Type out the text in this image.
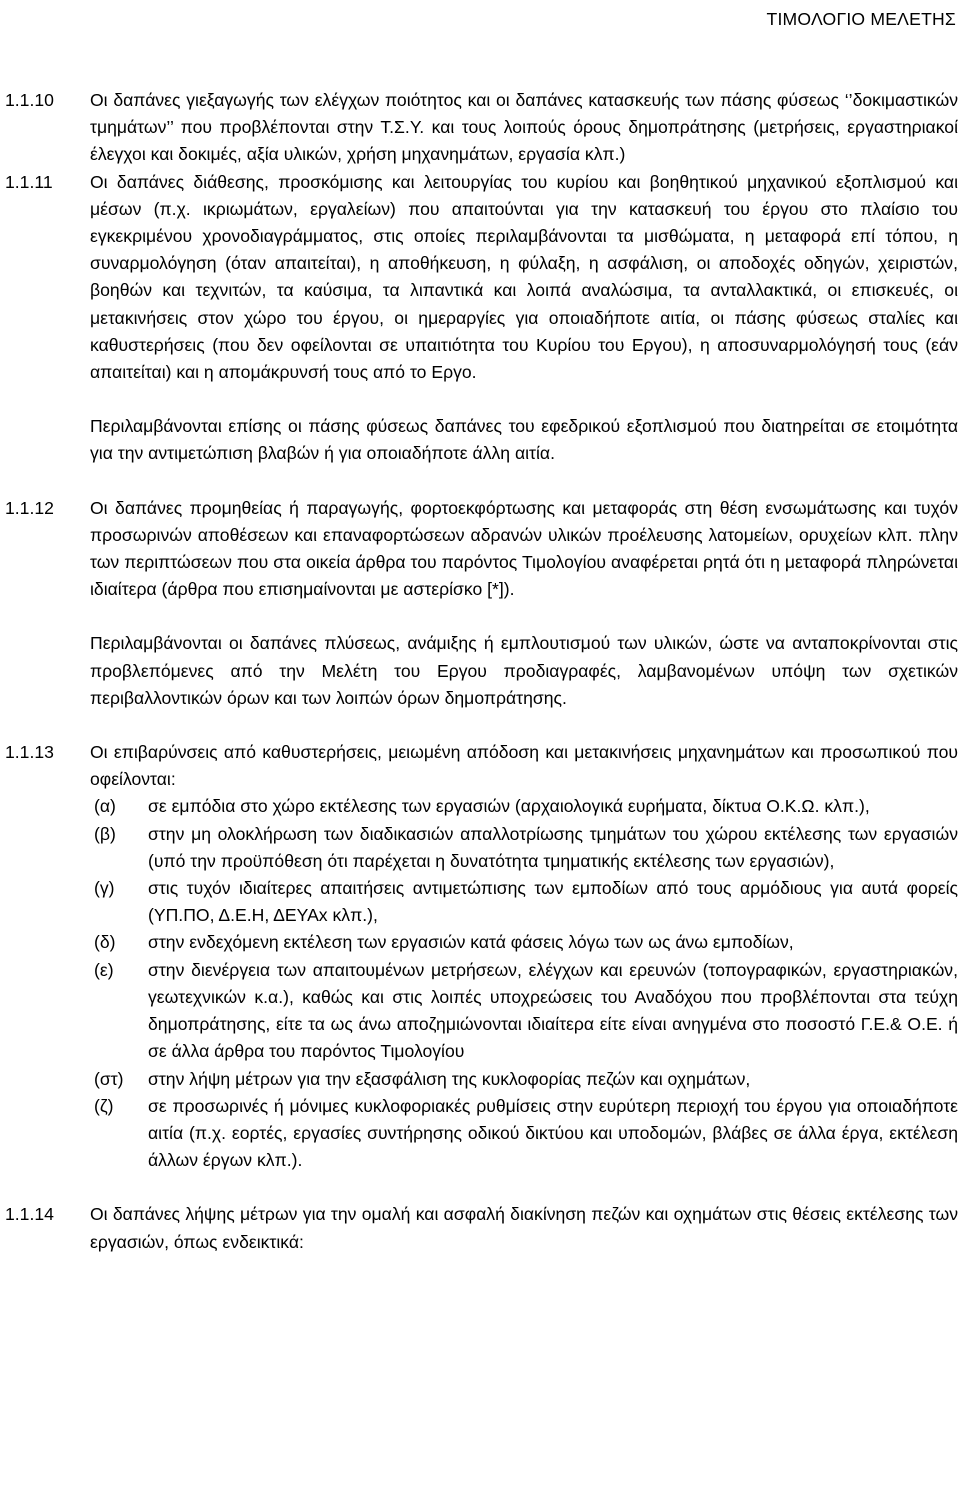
ΤΙΜΟΛΟΓΙΟ ΜΕΛΕΤΗΣ
1.1.10	Οι δαπάνες γιεξαγωγής των ελέγχων ποιότητος και οι δαπάνες κατασκευής των πάσης φύσεως ‘’δοκιμαστικών τμημάτων’’ που προβλέπονται στην Τ.Σ.Υ. και τους λοιπούς όρους δημοπράτησης (μετρήσεις, εργαστηριακοί έλεγχοι και δοκιμές, αξία υλικών, χρήση μηχανημάτων, εργασία κλπ.)

1.1.11	Οι δαπάνες διάθεσης, προσκόμισης και λειτουργίας του κυρίου και βοηθητικού μηχανικού εξοπλισμού και μέσων (π.χ. ικριωμάτων, εργαλείων) που απαιτούνται για την κατασκευή του έργου στο πλαίσιο του εγκεκριμένου χρονοδιαγράμματος, στις οποίες περιλαμβάνονται τα μισθώματα, η μεταφορά επί τόπου, η συναρμολόγηση (όταν απαιτείται), η αποθήκευση, η φύλαξη, η ασφάλιση, οι αποδοχές οδηγών, χειριστών, βοηθών και τεχνιτών, τα καύσιμα, τα λιπαντικά και λοιπά αναλώσιμα, τα ανταλλακτικά, οι επισκευές, οι μετακινήσεις στον χώρο του έργου, οι ημεραργίες για οποιαδήποτε αιτία, οι πάσης φύσεως σταλίες και καθυστερήσεις (που δεν οφείλονται σε υπαιτιότητα του Κυρίου του Εργου), η αποσυναρμολόγησή τους (εάν απαιτείται) και η απομάκρυνσή τους από το Εργο.

Περιλαμβάνονται επίσης οι πάσης φύσεως δαπάνες του εφεδρικού εξοπλισμού που διατηρείται σε ετοιμότητα για την αντιμετώπιση βλαβών ή για οποιαδήποτε άλλη αιτία.

1.1.12	Οι δαπάνες προμηθείας ή παραγωγής, φορτοεκφόρτωσης και μεταφοράς στη θέση ενσωμάτωσης και τυχόν προσωρινών αποθέσεων και επαναφορτώσεων αδρανών υλικών προέλευσης λατομείων, ορυχείων κλπ. πλην των περιπτώσεων που στα οικεία άρθρα του παρόντος Τιμολογίου αναφέρεται ρητά ότι η μεταφορά πληρώνεται ιδιαίτερα (άρθρα που επισημαίνονται με αστερίσκο [*]).

Περιλαμβάνονται οι δαπάνες πλύσεως, ανάμιξης ή εμπλουτισμού των υλικών, ώστε να ανταποκρίνονται στις προβλεπόμενες από την Μελέτη του Εργου προδιαγραφές, λαμβανομένων υπόψη των σχετικών περιβαλλοντικών όρων και των λοιπών όρων δημοπράτησης.

1.1.13	Οι επιβαρύνσεις από καθυστερήσεις, μειωμένη απόδοση και μετακινήσεις μηχανημάτων και προσωπικού που οφείλονται:

(α)	σε εμπόδια στο χώρο εκτέλεσης των εργασιών (αρχαιολογικά ευρήματα, δίκτυα Ο.Κ.Ω. κλπ.),
(β)	στην μη ολοκλήρωση των διαδικασιών απαλλοτρίωσης τμημάτων του χώρου εκτέλεσης των εργασιών (υπό την προϋπόθεση ότι παρέχεται η δυνατότητα τμηματικής εκτέλεσης των εργασιών),
(γ)	στις τυχόν ιδιαίτερες απαιτήσεις αντιμετώπισης των εμποδίων από τους αρμόδιους για αυτά φορείς (ΥΠ.ΠΟ, Δ.Ε.Η, ΔΕΥΑx κλπ.),
(δ)	στην ενδεχόμενη εκτέλεση των εργασιών κατά φάσεις λόγω των ως άνω εμποδίων,
(ε)	στην διενέργεια των απαιτουμένων μετρήσεων, ελέγχων και ερευνών (τοπογραφικών, εργαστηριακών, γεωτεχνικών κ.α.), καθώς και στις λοιπές υποχρεώσεις του Αναδόχου που προβλέπονται στα τεύχη δημοπράτησης, είτε τα ως άνω αποζημιώνονται ιδιαίτερα είτε είναι ανηγμένα στο ποσοστό Γ.Ε.& Ο.Ε. ή σε άλλα άρθρα του παρόντος Τιμολογίου
(στ)	στην λήψη μέτρων για την εξασφάλιση της κυκλοφορίας πεζών και οχημάτων,
(ζ)	σε προσωρινές ή μόνιμες κυκλοφοριακές ρυθμίσεις στην ευρύτερη περιοχή του έργου για οποιαδήποτε αιτία (π.χ. εορτές, εργασίες συντήρησης οδικού δικτύου και υποδομών, βλάβες σε άλλα έργα, εκτέλεση άλλων έργων κλπ.).
1.1.14	Οι δαπάνες λήψης μέτρων για την ομαλή και ασφαλή διακίνηση πεζών και οχημάτων στις θέσεις εκτέλεσης των εργασιών, όπως ενδεικτικά:
